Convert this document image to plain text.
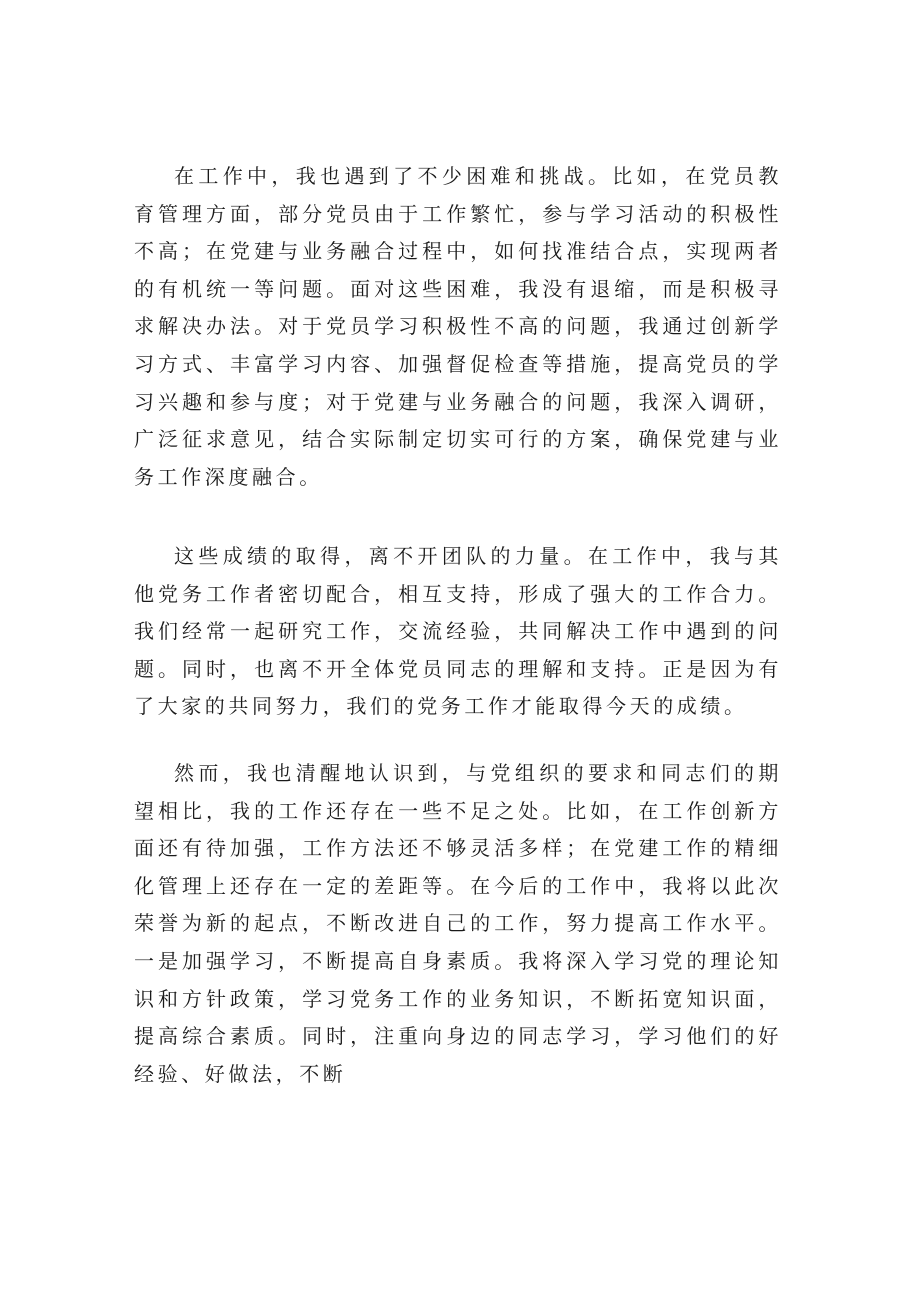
在工作中，我也遇到了不少困难和挑战。比如，在党员教育管理方面，部分党员由于工作繁忙，参与学习活动的积极性不高；在党建与业务融合过程中，如何找准结合点，实现两者的有机统一等问题。面对这些困难，我没有退缩，而是积极寻求解决办法。对于党员学习积极性不高的问题，我通过创新学习方式、丰富学习内容、加强督促检查等措施，提高党员的学习兴趣和参与度；对于党建与业务融合的问题，我深入调研，广泛征求意见，结合实际制定切实可行的方案，确保党建与业务工作深度融合。

这些成绩的取得，离不开团队的力量。在工作中，我与其他党务工作者密切配合，相互支持，形成了强大的工作合力。我们经常一起研究工作，交流经验，共同解决工作中遇到的问题。同时，也离不开全体党员同志的理解和支持。正是因为有了大家的共同努力，我们的党务工作才能取得今天的成绩。

然而，我也清醒地认识到，与党组织的要求和同志们的期望相比，我的工作还存在一些不足之处。比如，在工作创新方面还有待加强，工作方法还不够灵活多样；在党建工作的精细化管理上还存在一定的差距等。在今后的工作中，我将以此次荣誉为新的起点，不断改进自己的工作，努力提高工作水平。一是加强学习，不断提高自身素质。我将深入学习党的理论知识和方针政策，学习党务工作的业务知识，不断拓宽知识面，提高综合素质。同时，注重向身边的同志学习，学习他们的好经验、好做法，不断
